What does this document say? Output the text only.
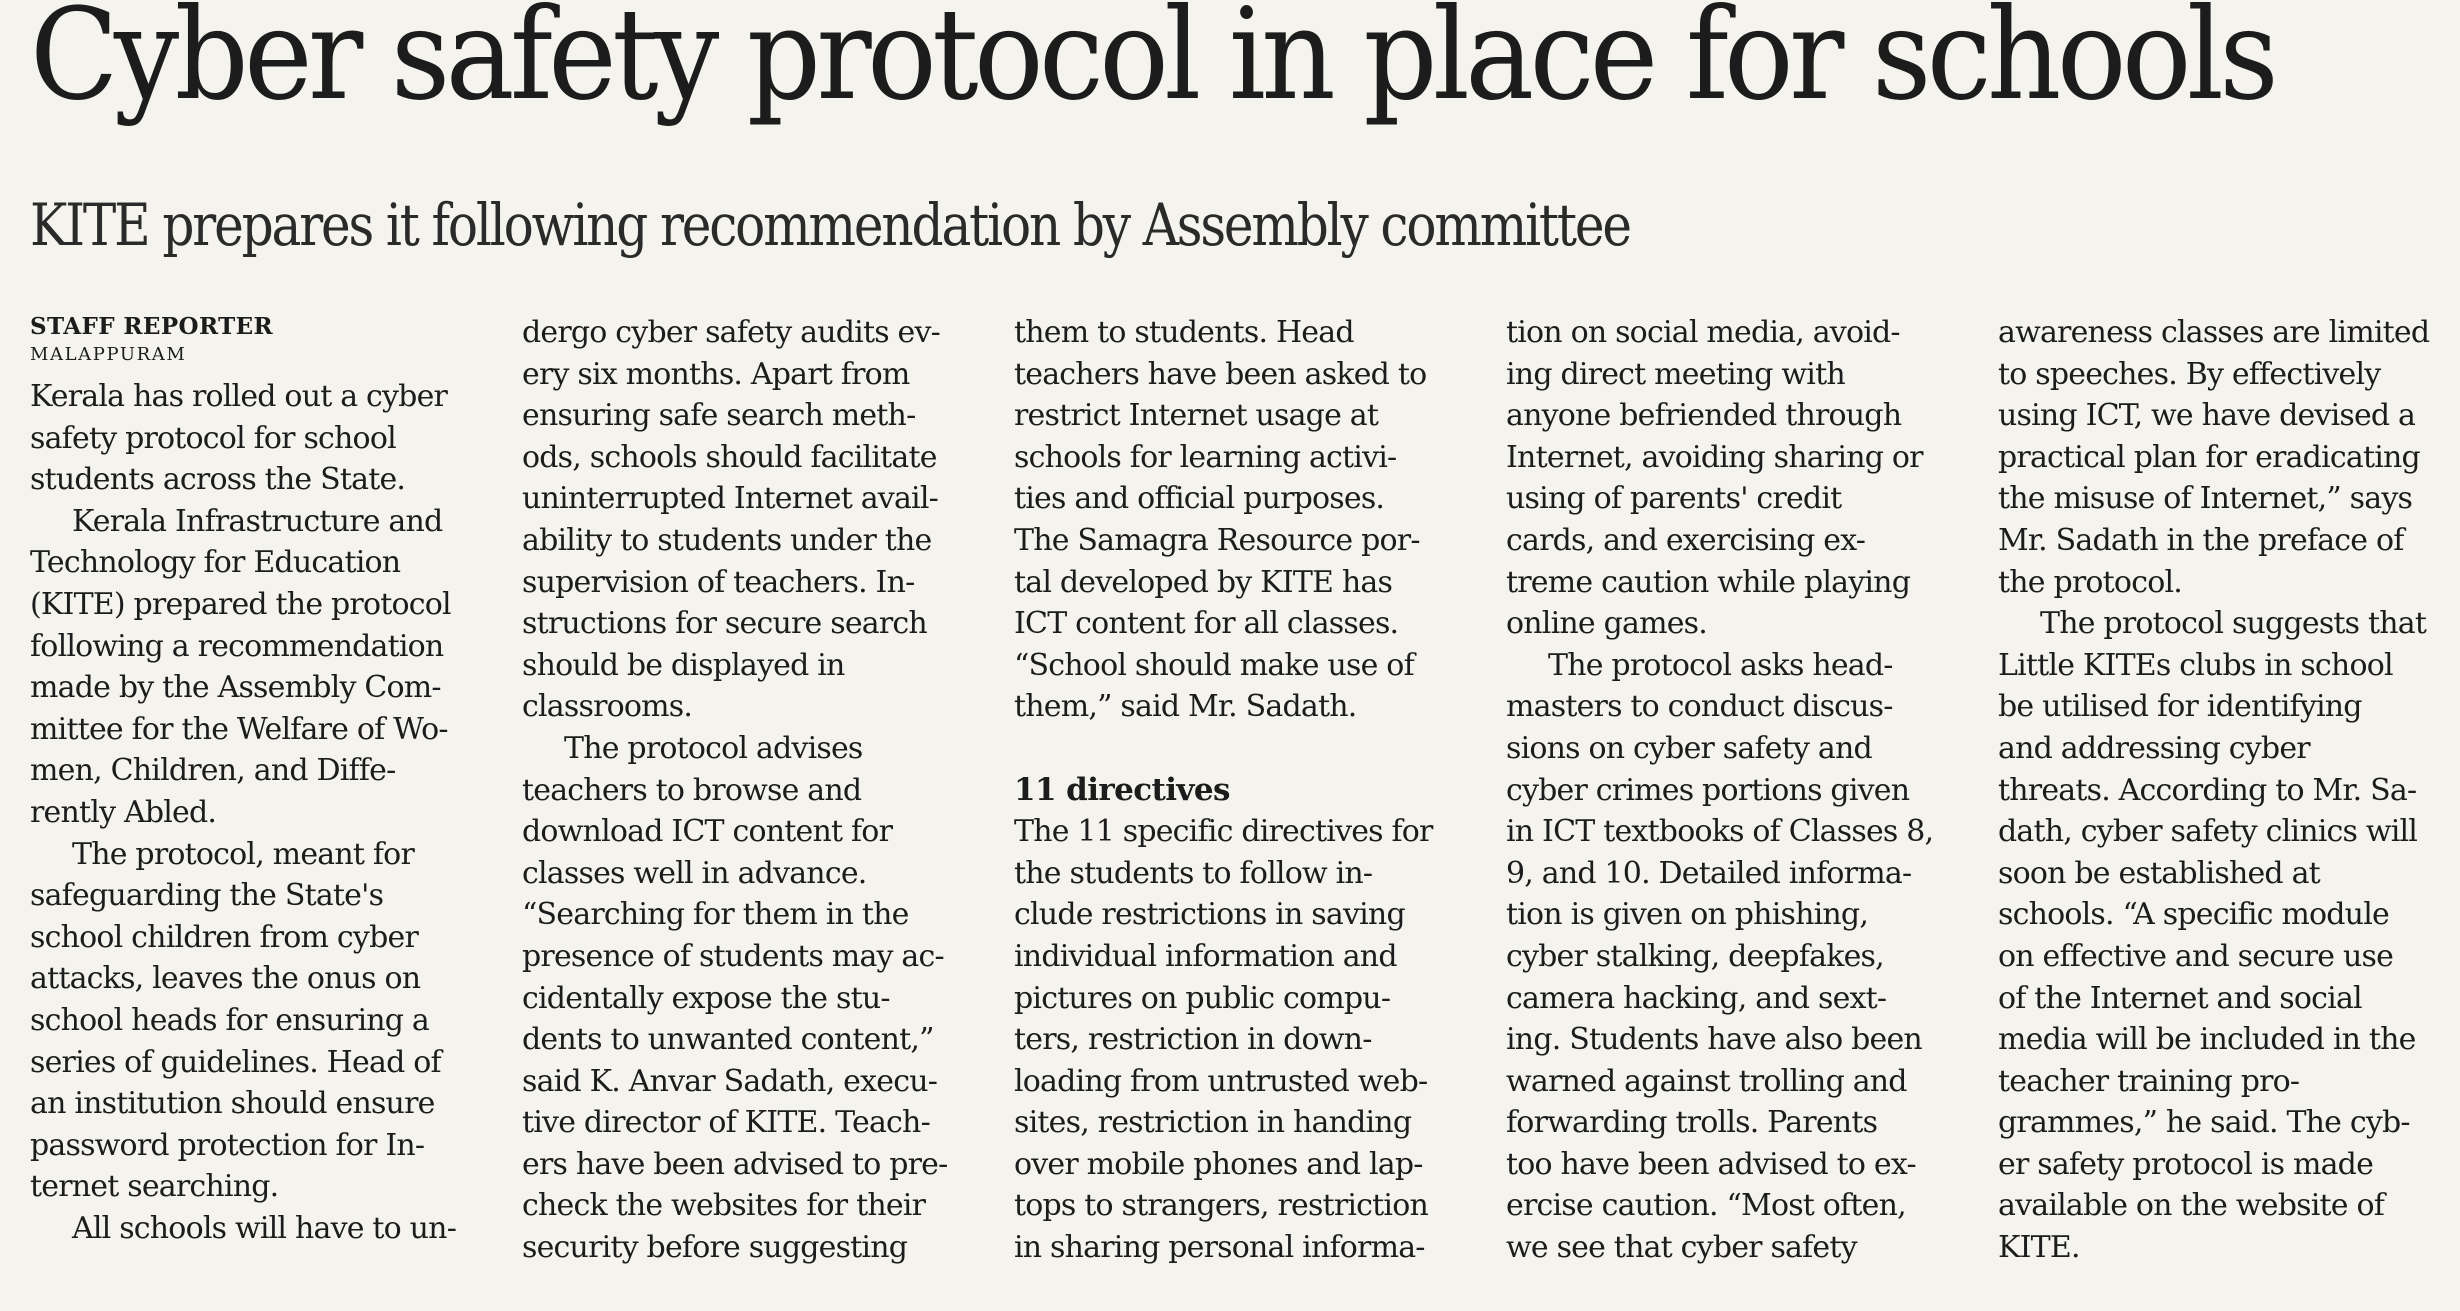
Cyber safety protocol in place for schools
KITE prepares it following recommendation by Assembly committee
STAFF REPORTER
MALAPPURAM

Kerala has rolled out a cyber

safety protocol for school

students across the State.

Kerala Infrastructure and

Technology for Education

(KITE) prepared the protocol

following a recommendation

made by the Assembly Com-

mittee for the Welfare of Wo-

men, Children, and Diffe-

rently Abled.

The protocol, meant for

safeguarding the State's

school children from cyber

attacks, leaves the onus on

school heads for ensuring a

series of guidelines. Head of

an institution should ensure

password protection for In-

ternet searching.

All schools will have to un-

dergo cyber safety audits ev-

ery six months. Apart from

ensuring safe search meth-

ods, schools should facilitate

uninterrupted Internet avail-

ability to students under the

supervision of teachers. In-

structions for secure search

should be displayed in

classrooms.

The protocol advises

teachers to browse and

download ICT content for

classes well in advance.

“Searching for them in the

presence of students may ac-

cidentally expose the stu-

dents to unwanted content,”

said K. Anvar Sadath, execu-

tive director of KITE. Teach-

ers have been advised to pre-

check the websites for their

security before suggesting

them to students. Head

teachers have been asked to

restrict Internet usage at

schools for learning activi-

ties and official purposes.

The Samagra Resource por-

tal developed by KITE has

ICT content for all classes.

“School should make use of

them,” said Mr. Sadath.

11 directives

The 11 specific directives for

the students to follow in-

clude restrictions in saving

individual information and

pictures on public compu-

ters, restriction in down-

loading from untrusted web-

sites, restriction in handing

over mobile phones and lap-

tops to strangers, restriction

in sharing personal informa-

tion on social media, avoid-

ing direct meeting with

anyone befriended through

Internet, avoiding sharing or

using of parents' credit

cards, and exercising ex-

treme caution while playing

online games.

The protocol asks head-

masters to conduct discus-

sions on cyber safety and

cyber crimes portions given

in ICT textbooks of Classes 8,

9, and 10. Detailed informa-

tion is given on phishing,

cyber stalking, deepfakes,

camera hacking, and sext-

ing. Students have also been

warned against trolling and

forwarding trolls. Parents

too have been advised to ex-

ercise caution. “Most often,

we see that cyber safety

awareness classes are limited

to speeches. By effectively

using ICT, we have devised a

practical plan for eradicating

the misuse of Internet,” says

Mr. Sadath in the preface of

the protocol.

The protocol suggests that

Little KITEs clubs in school

be utilised for identifying

and addressing cyber

threats. According to Mr. Sa-

dath, cyber safety clinics will

soon be established at

schools. “A specific module

on effective and secure use

of the Internet and social

media will be included in the

teacher training pro-

grammes,” he said. The cyb-

er safety protocol is made

available on the website of

KITE.
